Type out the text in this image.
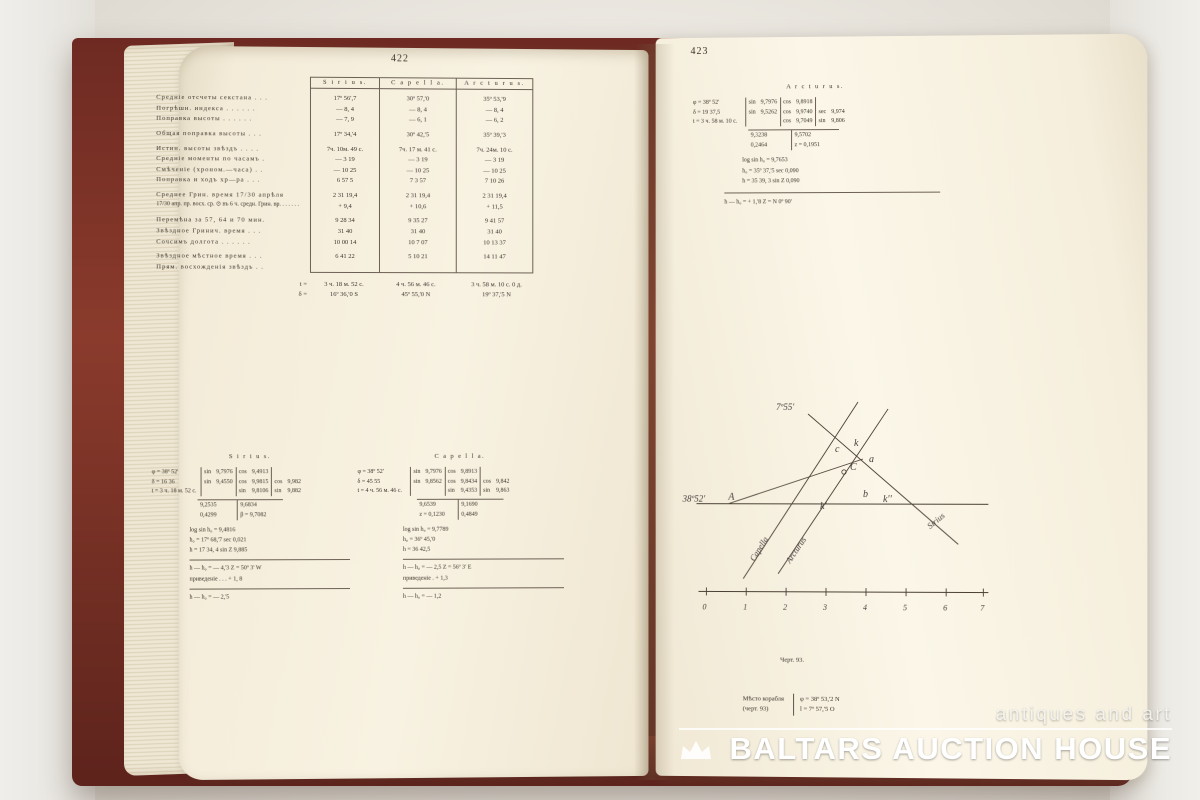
422
	S i r i u s.	C a p e l l a.	A r c t u r u s.

Среднiе отсчеты секстана . . .	17º 56',7	30º 57,'0	35º 53,'9
Погрѣшн. индекса . . . . . .	— 8, 4	— 8, 4	— 8, 4
Поправка высоты . . . . . .	— 7, 9	— 6, 1	— 6, 2

Общая поправка высоты . . .	17º 34,'4	30º 42,'5	35º 39,'3

Истин. высоты звѣздъ . . . .	7ч. 10м. 49 с.	7ч. 17 м. 41 с.	7ч. 24м. 10 с.
Среднiе моменты по часамъ .	— 3 19	— 3 19	— 3 19
Смѣченiе (хроном.—часа) . .	— 10 25	— 10 25	— 10 25
Поправка и ходъ хр—ра . . .	6 57 5	7 3 57	7 10 26

Среднее Грин. время 17/30 апрѣля	2 31 19,4	2 31 19,4	2 31 19,4
17/30 апр. пр. восх. ср. ⊙ въ 6 ч. средн. Грин. вр. . . . . . .	+ 9,4	+ 10,6	+ 11,5

Перемѣна за 57, 64 и 70 мин.	9 28 34	9 35 27	9 41 57
Звѣздное Гринич. время . . .	31 40	31 40	31 40
Сочсимъ долгота . . . . . .	10 00 14	10 7 07	10 13 37

Звѣздное мѣстное время . . .	6 41 22	5 10 21	14 11 47
Прям. восхожденiя звѣздъ . .			
t =	3 ч. 18 м. 52 с.	4 ч. 56 м. 46 с.	3 ч. 58 м. 10 с. 0 д.
δ =	16º 36,'0 S	45º 55,'0 N	19º 37,'5 N
S i r i u s.
φ = 38º 52'	sin	9,7976	cos	9,4913		
δ = 16 36	sin	9,4550	cos	9,9815	cos	9,982
t = 3 ч. 18 м. 52 с.			sin	9,8106	sin	9,882
9,2535	9,6834
0,4299	β = 9,7082
log sin h₀ = 9,4816
h₀ = 17º 68,'7 sec 0,021
h = 17 34, 4 sin Z 9,885
h — h₀ = — 4,'3 Z = 50º 3' W
приведенiе . . . + 1, 8
h — h₀ = — 2,'5
C a p e l l a.
φ = 38º 52'	sin	9,7976	cos	9,8913		
δ = 45 55	sin	9,8562	cos	9,8434	cos	9,842
t = 4 ч. 56 м. 46 с.			sin	9,4353	sin	9,863
9,6539	9,1690
z = 0,1230	0,4849
log sin h₀ = 9,7789
h₀ = 36º 45,'0
h = 36 42,5
h — h₀ = — 2,5 Z = 56º 3' E
приведенiе . + 1,3
h — h₀ = — 1,2
423
A r c t u r u s.
φ = 38º 52'	sin	9,7976	cos	9,8918		
δ = 19 37,5	sin	9,5262	cos	9,9740	sec	9,974
t = 3 ч. 58 м. 10 с.			cos	9,7049	sin	9,806
9,3238	9,5702
0,2464	z = 0,1951
log sin h₀ = 9,7653
h₀ = 35º 37,'5 sec 0,090
h = 35 39, 3 sin Z 0,090
h — h₀ = + 1,'8 Z = N 0º 90'
7º55'
38º52' A
C
a
b
c
k
k'
k''
0	1	2	3	4	5	6	7
Capella Arcturus
Sirius
Черт. 93.
Мѣсто корабля		φ = 38º 53,'2 N
(черт. 93)		l = 7º 57,'5 O	antiques and art
BALTARS AUCTION HOUSE
